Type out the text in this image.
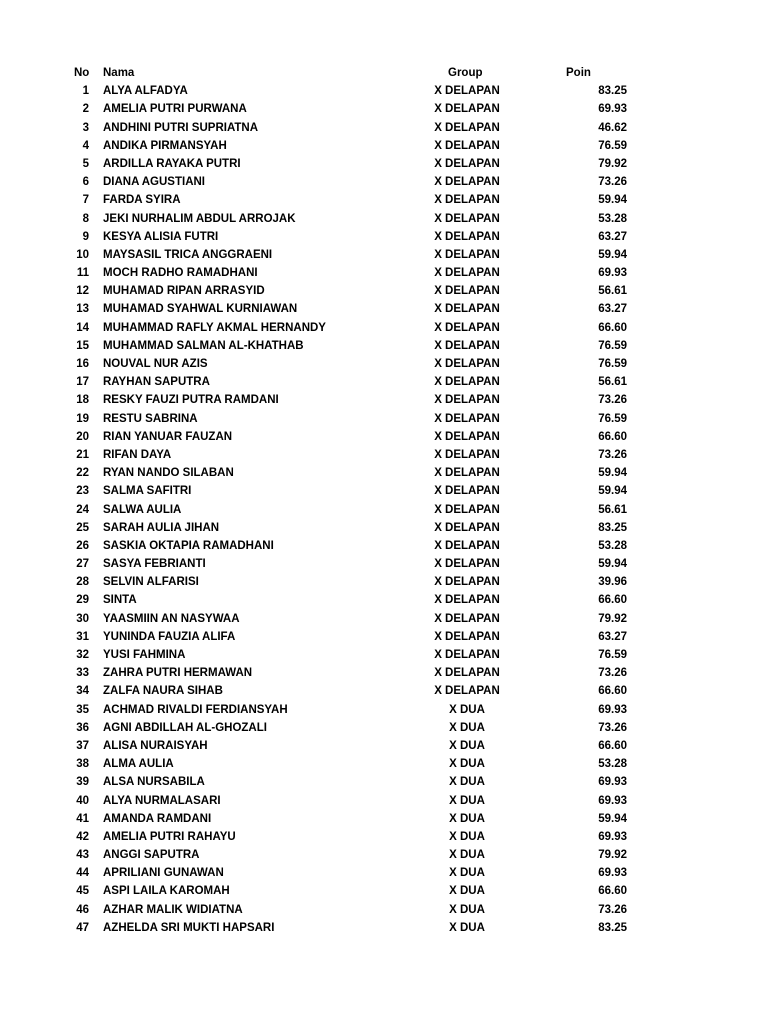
No Nama	Group	Poin
1 ALYA ALFADYA	X DELAPAN	83.25
2 AMELIA PUTRI PURWANA	X DELAPAN	69.93
3 ANDHINI PUTRI SUPRIATNA	X DELAPAN	46.62
4 ANDIKA PIRMANSYAH	X DELAPAN	76.59
5 ARDILLA RAYAKA PUTRI	X DELAPAN	79.92
6 DIANA AGUSTIANI	X DELAPAN	73.26
7 FARDA SYIRA	X DELAPAN	59.94
8 JEKI NURHALIM ABDUL ARROJAK	X DELAPAN	53.28
9 KESYA ALISIA FUTRI	X DELAPAN	63.27
10 MAYSASIL TRICA ANGGRAENI	X DELAPAN	59.94
11 MOCH RADHO RAMADHANI	X DELAPAN	69.93
12 MUHAMAD RIPAN ARRASYID	X DELAPAN	56.61
13 MUHAMAD SYAHWAL KURNIAWAN	X DELAPAN	63.27
14 MUHAMMAD RAFLY AKMAL HERNANDY	X DELAPAN	66.60
15 MUHAMMAD SALMAN AL-KHATHAB	X DELAPAN	76.59
16 NOUVAL NUR AZIS	X DELAPAN	76.59
17 RAYHAN SAPUTRA	X DELAPAN	56.61
18 RESKY FAUZI PUTRA RAMDANI	X DELAPAN	73.26
19 RESTU SABRINA	X DELAPAN	76.59
20 RIAN YANUAR FAUZAN	X DELAPAN	66.60
21 RIFAN DAYA	X DELAPAN	73.26
22 RYAN NANDO SILABAN	X DELAPAN	59.94
23 SALMA SAFITRI	X DELAPAN	59.94
24 SALWA AULIA	X DELAPAN	56.61
25 SARAH AULIA JIHAN	X DELAPAN	83.25
26 SASKIA OKTAPIA RAMADHANI	X DELAPAN	53.28
27 SASYA FEBRIANTI	X DELAPAN	59.94
28 SELVIN ALFARISI	X DELAPAN	39.96
29 SINTA	X DELAPAN	66.60
30 YAASMIIN AN NASYWAA	X DELAPAN	79.92
31 YUNINDA FAUZIA ALIFA	X DELAPAN	63.27
32 YUSI FAHMINA	X DELAPAN	76.59
33 ZAHRA PUTRI HERMAWAN	X DELAPAN	73.26
34 ZALFA NAURA SIHAB	X DELAPAN	66.60
35 ACHMAD RIVALDI FERDIANSYAH	X DUA	69.93
36 AGNI ABDILLAH AL-GHOZALI	X DUA	73.26
37 ALISA NURAISYAH	X DUA	66.60
38 ALMA AULIA	X DUA	53.28
39 ALSA NURSABILA	X DUA	69.93
40 ALYA NURMALASARI	X DUA	69.93
41 AMANDA RAMDANI	X DUA	59.94
42 AMELIA PUTRI RAHAYU	X DUA	69.93
43 ANGGI SAPUTRA	X DUA	79.92
44 APRILIANI GUNAWAN	X DUA	69.93
45 ASPI LAILA KAROMAH	X DUA	66.60
46 AZHAR MALIK WIDIATNA	X DUA	73.26
47 AZHELDA SRI MUKTI HAPSARI	X DUA	83.25
